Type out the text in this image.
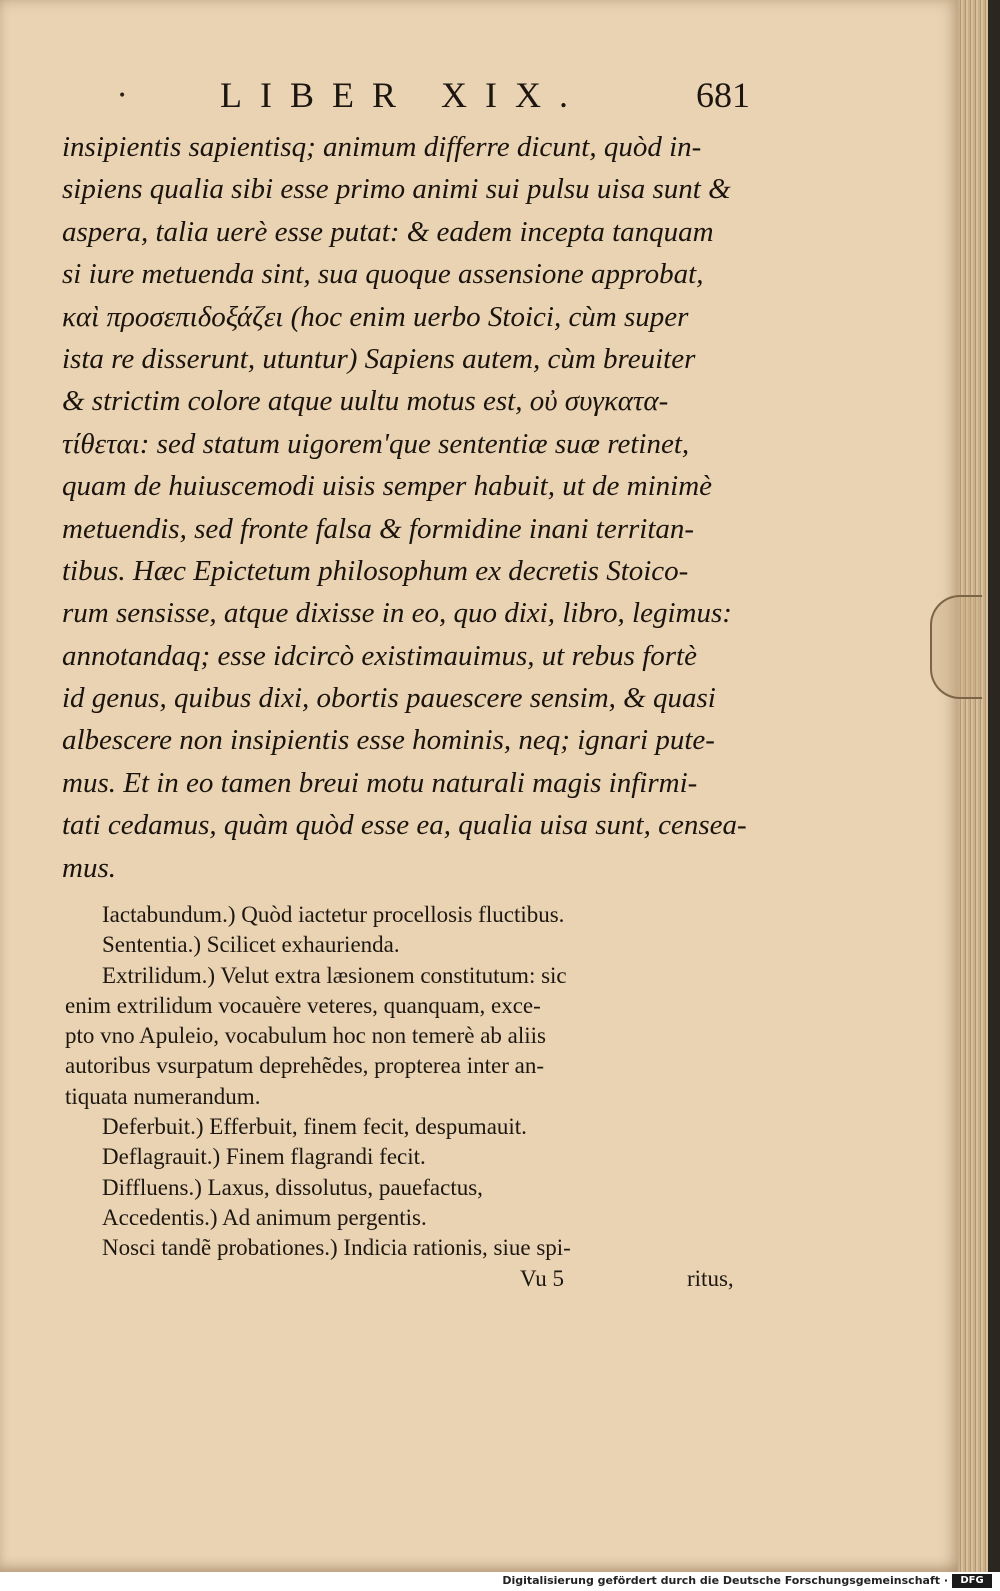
•	LIBER XIX.	681
insipientis sapientisq; animum differre dicunt, quòd in-
sipiens qualia sibi esse primo animi sui pulsu uisa sunt &
aspera, talia uerè esse putat: & eadem incepta tanquam
si iure metuenda sint, sua quoque assensione approbat,
καὶ προσεπιδοξάζει (hoc enim uerbo Stoici, cùm super
ista re disserunt, utuntur) Sapiens autem, cùm breuiter
& strictim colore atque uultu motus est, οὐ συγκατα-
τίθεται: sed statum uigorem'que sententiæ suæ retinet,
quam de huiuscemodi uisis semper habuit, ut de minimè
metuendis, sed fronte falsa & formidine inani territan-
tibus. Hæc Epictetum philosophum ex decretis Stoico-
rum sensisse, atque dixisse in eo, quo dixi, libro, legimus:
annotandaq; esse idcircò existimauimus, ut rebus fortè
id genus, quibus dixi, obortis pauescere sensim, & quasi
albescere non insipientis esse hominis, neq; ignari pute-
mus. Et in eo tamen breui motu naturali magis infirmi-
tati cedamus, quàm quòd esse ea, qualia uisa sunt, censea-
mus.
Iactabundum.) Quòd iactetur procellosis fluctibus.
Sententia.) Scilicet exhaurienda.
Extrilidum.) Velut extra læsionem constitutum: sic
enim extrilidum vocauère veteres, quanquam, exce-
pto vno Apuleio, vocabulum hoc non temerè ab aliis
autoribus vsurpatum deprehẽdes, propterea inter an-
tiquata numerandum.
Deferbuit.) Efferbuit, finem fecit, despumauit.
Deflagrauit.) Finem flagrandi fecit.
Diffluens.) Laxus, dissolutus, pauefactus,
Accedentis.) Ad animum pergentis.
Nosci tandẽ probationes.) Indicia rationis, siue spi-
Vu 5	ritus,
Digitalisierung gefördert durch die Deutsche Forschungsgemeinschaft ·	DFG
